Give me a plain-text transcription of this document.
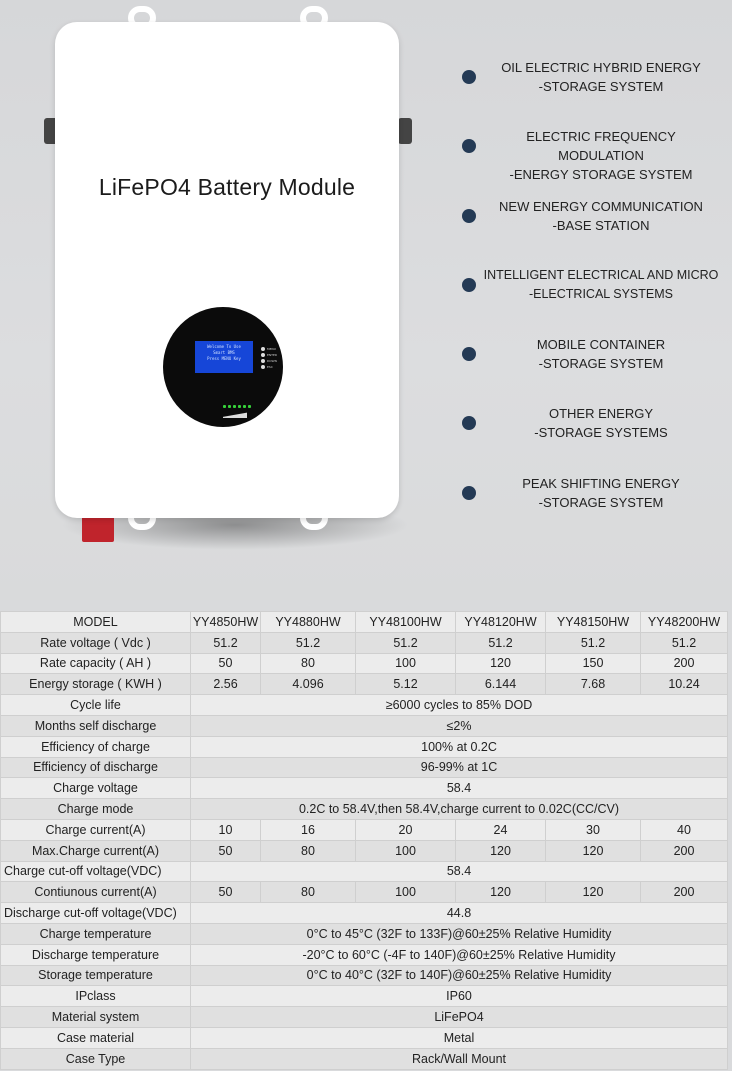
LiFePO4 Battery Module
Welcome To Use
Smart BMS
Press MENU Key
MENU
ENTER
DOWN
ESC
OIL ELECTRIC HYBRID ENERGY
-STORAGE SYSTEM
ELECTRIC FREQUENCY MODULATION
-ENERGY STORAGE SYSTEM
NEW ENERGY COMMUNICATION
-BASE STATION
INTELLIGENT ELECTRICAL AND MICRO
-ELECTRICAL SYSTEMS
MOBILE CONTAINER
-STORAGE SYSTEM
OTHER ENERGY
-STORAGE SYSTEMS
PEAK SHIFTING ENERGY
-STORAGE SYSTEM
MODEL	YY4850HW	YY4880HW	YY48100HW	YY48120HW	YY48150HW	YY48200HW
Rate voltage ( Vdc )	51.2	51.2	51.2	51.2	51.2	51.2
Rate capacity ( AH )	50	80	100	120	150	200
Energy storage ( KWH )	2.56	4.096	5.12	6.144	7.68	10.24
Cycle life	≥6000 cycles to 85% DOD					
Months self discharge	≤2%					
Efficiency of charge	100% at 0.2C					
Efficiency of discharge	96-99% at 1C					
Charge voltage	58.4					
Charge mode	0.2C to 58.4V,then 58.4V,charge current to 0.02C(CC/CV)					
Charge current(A)	10	16	20	24	30	40
Max.Charge current(A)	50	80	100	120	120	200
Charge cut-off voltage(VDC)	58.4					
Contiunous current(A)	50	80	100	120	120	200
Discharge cut-off voltage(VDC)	44.8					
Charge temperature	0°C to 45°C (32F to 133F)@60±25% Relative Humidity					
Discharge temperature	-20°C to 60°C (-4F to 140F)@60±25% Relative Humidity					
Storage temperature	0°C to 40°C (32F to 140F)@60±25% Relative Humidity					
IPclass	IP60					
Material system	LiFePO4					
Case material	Metal					
Case Type	Rack/Wall Mount					
